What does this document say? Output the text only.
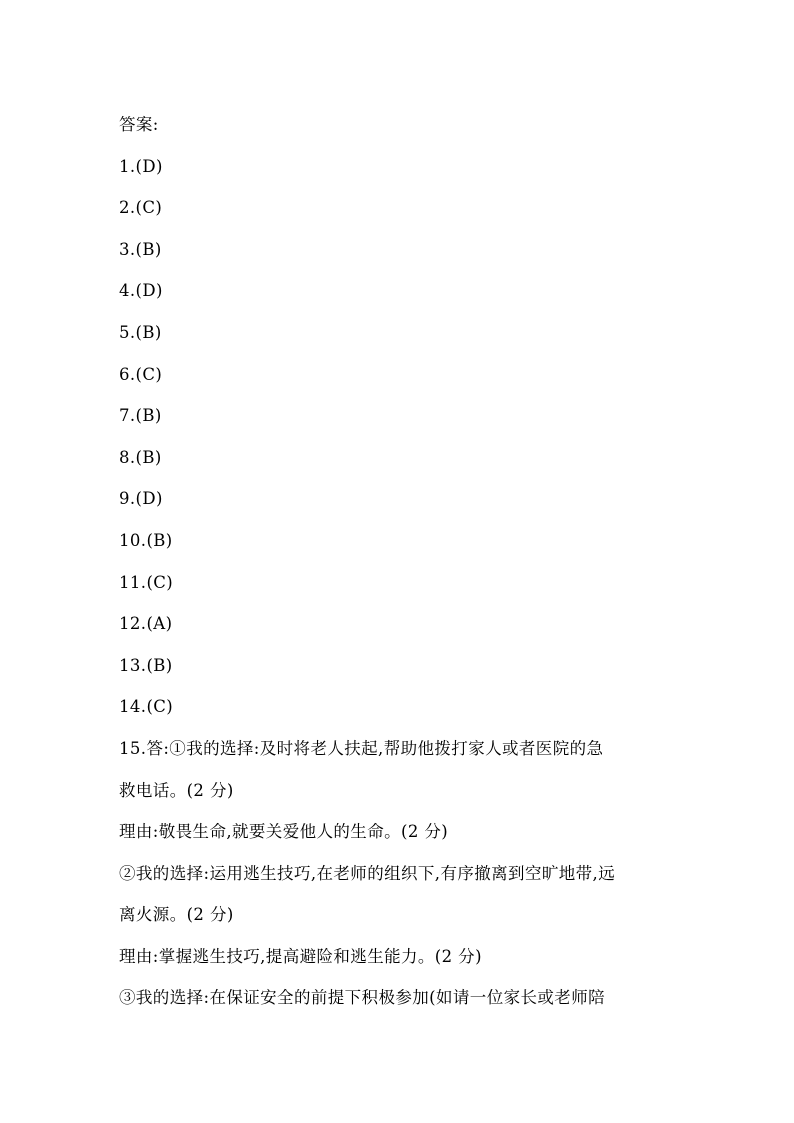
答案:
1.(D)
2.(C)
3.(B)
4.(D)
5.(B)
6.(C)
7.(B)
8.(B)
9.(D)
10.(B)
11.(C)
12.(A)
13.(B)
14.(C)
15.答:①我的选择:及时将老人扶起,帮助他拨打家人或者医院的急
救电话。(2 分)
理由:敬畏生命,就要关爱他人的生命。(2 分)
②我的选择:运用逃生技巧,在老师的组织下,有序撤离到空旷地带,远
离火源。(2 分)
理由:掌握逃生技巧,提高避险和逃生能力。(2 分)
③我的选择:在保证安全的前提下积极参加(如请一位家长或老师陪
